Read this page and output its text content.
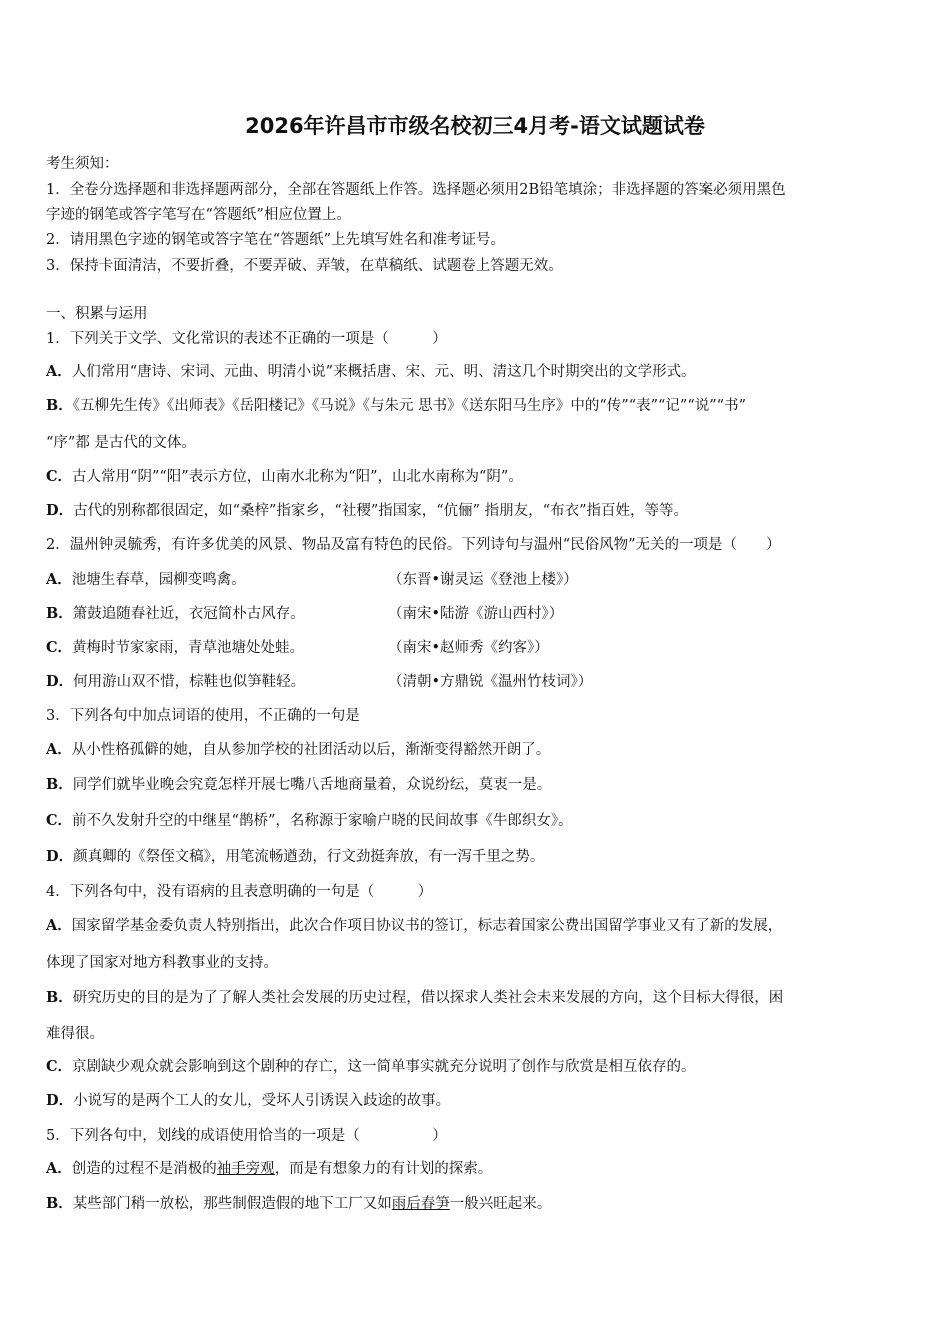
2026年许昌市市级名校初三4月考-语文试题试卷
考生须知：
1．全卷分选择题和非选择题两部分，全部在答题纸上作答。选择题必须用2B铅笔填涂；非选择题的答案必须用黑色
字迹的钢笔或答字笔写在“答题纸”相应位置上。
2．请用黑色字迹的钢笔或答字笔在“答题纸”上先填写姓名和准考证号。
3．保持卡面清洁，不要折叠，不要弄破、弄皱，在草稿纸、试题卷上答题无效。
一、积累与运用
1．下列关于文学、文化常识的表述不正确的一项是（　　　）
A．人们常用“唐诗、宋词、元曲、明清小说”来概括唐、宋、元、明、清这几个时期突出的文学形式。
B．《五柳先生传》《出师表》《岳阳楼记》《马说》《与朱元 思书》《送东阳马生序》中的“传”“表”“记”“说”“书”
“序”都 是古代的文体。
C．古人常用“阴”“阳”表示方位，山南水北称为“阳”，山北水南称为“阴”。
D．古代的别称都很固定，如“桑梓”指家乡，“社稷”指国家，“伉俪” 指朋友，“布衣”指百姓，等等。
2．温州钟灵毓秀，有许多优美的风景、物品及富有特色的民俗。下列诗句与温州“民俗风物”无关的一项是（　　）
A．池塘生春草，园柳变鸣禽。	（东晋•谢灵运《登池上楼》）
B．箫鼓追随春社近，衣冠简朴古风存。	（南宋•陆游《游山西村》）
C．黄梅时节家家雨，青草池塘处处蛙。	（南宋•赵师秀《约客》）
D．何用游山双不惜，棕鞋也似笋鞋轻。	（清朝•方鼎锐《温州竹枝词》）
3．下列各句中加点词语的使用，不正确的一句是
A．从小性格孤僻的她，自从参加学校的社团活动以后，渐渐变得豁然开朗了。
B．同学们就毕业晚会究竟怎样开展七嘴八舌地商量着，众说纷纭，莫衷一是。
C．前不久发射升空的中继星“鹊桥”，名称源于家喻户晓的民间故事《牛郎织女》。
D．颜真卿的《祭侄文稿》，用笔流畅遒劲，行文劲挺奔放，有一泻千里之势。
4．下列各句中，没有语病的且表意明确的一句是（　　　）
A．国家留学基金委负责人特别指出，此次合作项目协议书的签订，标志着国家公费出国留学事业又有了新的发展，
体现了国家对地方科教事业的支持。
B．研究历史的目的是为了了解人类社会发展的历史过程，借以探求人类社会未来发展的方向，这个目标大得很，困
难得很。
C．京剧缺少观众就会影响到这个剧种的存亡，这一简单事实就充分说明了创作与欣赏是相互依存的。
D．小说写的是两个工人的女儿，受坏人引诱误入歧途的故事。
5．下列各句中，划线的成语使用恰当的一项是（　　　　　）
A．创造的过程不是消极的袖手旁观，而是有想象力的有计划的探索。
B．某些部门稍一放松，那些制假造假的地下工厂又如雨后春笋一般兴旺起来。
